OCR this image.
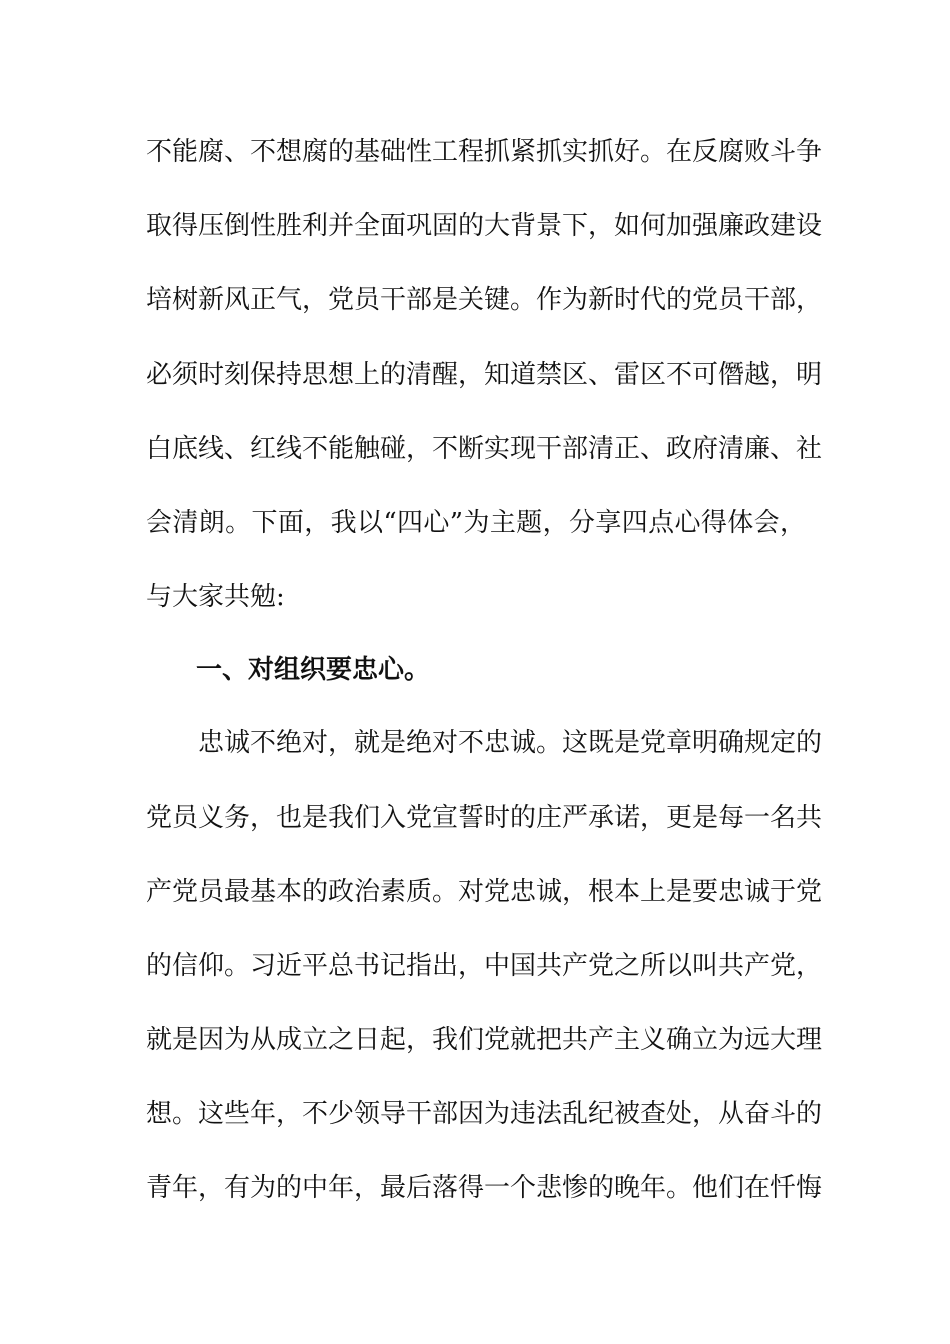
不能腐、不想腐的基础性工程抓紧抓实抓好。在反腐败斗争
取得压倒性胜利并全面巩固的大背景下，如何加强廉政建设
培树新风正气，党员干部是关键。作为新时代的党员干部，
必须时刻保持思想上的清醒，知道禁区、雷区不可僭越，明
白底线、红线不能触碰，不断实现干部清正、政府清廉、社
会清朗。下面，我以“四心”为主题，分享四点心得体会，
与大家共勉:
一、对组织要忠心。
忠诚不绝对，就是绝对不忠诚。这既是党章明确规定的
党员义务，也是我们入党宣誓时的庄严承诺，更是每一名共
产党员最基本的政治素质。对党忠诚，根本上是要忠诚于党
的信仰。习近平总书记指出，中国共产党之所以叫共产党，
就是因为从成立之日起，我们党就把共产主义确立为远大理
想。这些年，不少领导干部因为违法乱纪被查处，从奋斗的
青年，有为的中年，最后落得一个悲惨的晚年。他们在忏悔
